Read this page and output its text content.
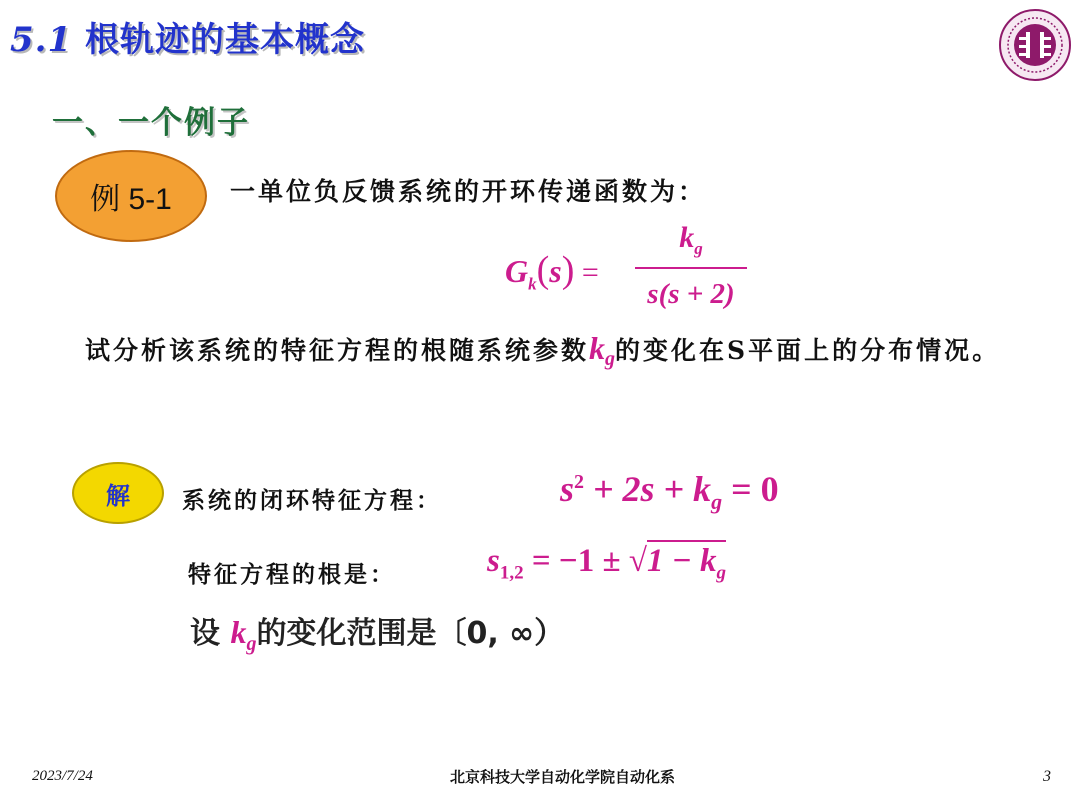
5.1 根轨迹的基本概念
一、一个例子
例 5-1 一单位负反馈系统的开环传递函数为：
$G_k(s)$ =
$k_g$
s(s + 2)
试分析该系统的特征方程的根随系统参数$k_g$的变化在S平面上的分布情况。
解 系统的闭环特征方程：	$s^2 + 2s + k_g = 0$
特征方程的根是：	$s_{1,2} = -1 \pm √1 - k_g$
设 $k_g$的变化范围是〔0, ∞）
2023/7/24	北京科技大学自动化学院自动化系	3
